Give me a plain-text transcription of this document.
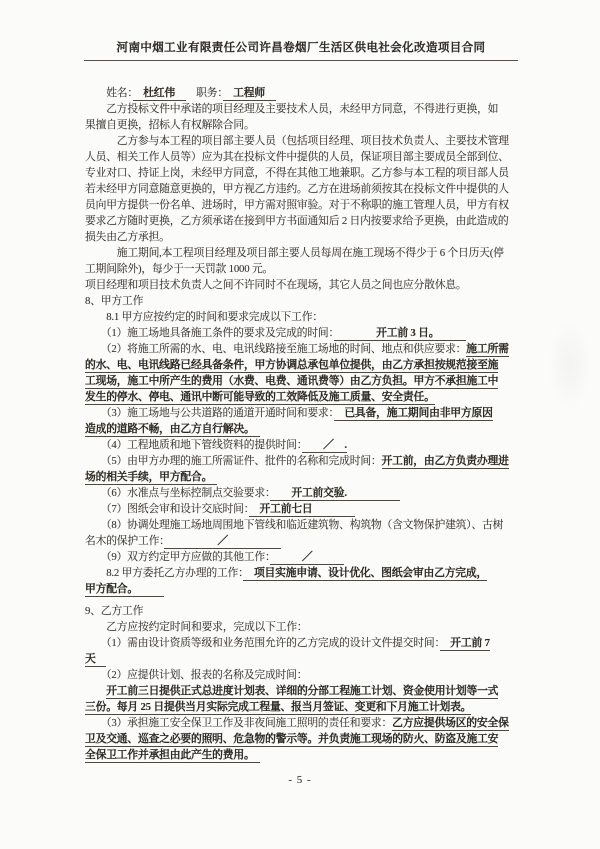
河南中烟工业有限责任公司许昌卷烟厂生活区供电社会化改造项目合同
　　姓名：　杜红伟　　职务：　工程师　
　　乙方投标文件中承诺的项目经理及主要技术人员，未经甲方同意，不得进行更换，如
果擅自更换，招标人有权解除合同。
　　　乙方参与本工程的项目部主要人员（包括项目经理、项目技术负责人、主要技术管理
人员、相关工作人员等）应为其在投标文件中提供的人员，保证项目部主要成员全部到位、
专业对口、持证上岗，未经甲方同意，不得在其他工地兼职。乙方参与本工程的项目部人员
若未经甲方同意随意更换的，甲方视乙方违约。乙方在进场前须按其在投标文件中提供的人
员向甲方提供一份名单、进场时，甲方需对照审验。对于不称职的施工管理人员，甲方有权
要求乙方随时更换，乙方须承诺在接到甲方书面通知后 2 日内按要求给予更换，由此造成的
损失由乙方承担。
　　　施工期间,本工程项目经理及项目部主要人员每周在施工现场不得少于 6 个日历天(停
工期间除外)，每少于一天罚款 1000 元。
项目经理和项目技术负责人之间不许同时不在现场，其它人员之间也应分散休息。
8、甲方工作
　　8.1 甲方应按约定的时间和要求完成以下工作：
　　（1）施工场地具备施工条件的要求及完成的时间：　　　　开工前 3 日。　　　
　　（2）将施工所需的水、电、电讯线路接至施工场地的时间、地点和供应要求：施工所需
的水、电、电讯线路已经具备条件，甲方协调总承包单位提供，由乙方承担按规范接至施
工现场，施工中所产生的费用（水费、电费、通讯费等）由乙方负担。甲方不承担施工中
发生的停水、停电、通讯中断可能导致的工效降低及施工质量、安全责任。
　　（3）施工场地与公共道路的通道开通时间和要求：　已具备，施工期间由非甲方原因
造成的道路不畅，由乙方自行解决。　
　　（4）工程地质和地下管线资料的提供时间：　　／　.
　　（5）由甲方办理的施工所需证件、批件的名称和完成时间：开工前，由乙方负责办理进
场的相关手续，甲方配合。　
　　（6）水准点与坐标控制点交验要求：　　开工前交验.　　　　　
　　（7）图纸会审和设计交底时间：　开工前七日　　　　
　　（8）协调处理施工场地周围地下管线和临近建筑物、构筑物（含文物保护建筑）、古树
名木的保护工作：　　　　　／　　　　　
　　（9）双方约定甲方应做的其他工作：　　　／　　　
　　8.2 甲方委托乙方办理的工作：　项目实施申请、设计优化、图纸会审由乙方完成，
甲方配合。　　　
9、乙方工作
　　乙方应按约定时间和要求，完成以下工作：
　　（1）需由设计资质等级和业务范围允许的乙方完成的设计文件提交时间：　开工前 7
天　
　　（2）应提供计划、报表的名称及完成时间：
　　开工前三日提供正式总进度计划表、详细的分部工程施工计划、资金使用计划等一式
三份。每月 25 日提供当月实际完成工程量、报当月签证、变更和下月施工计划表。
　　（3）承担施工安全保卫工作及非夜间施工照明的责任和要求：乙方应提供场区的安全保
卫及交通、巡查之必要的照明、危急物的警示等。并负责施工现场的防火、防盗及施工安
全保卫工作并承担由此产生的费用。　
- 5 -
